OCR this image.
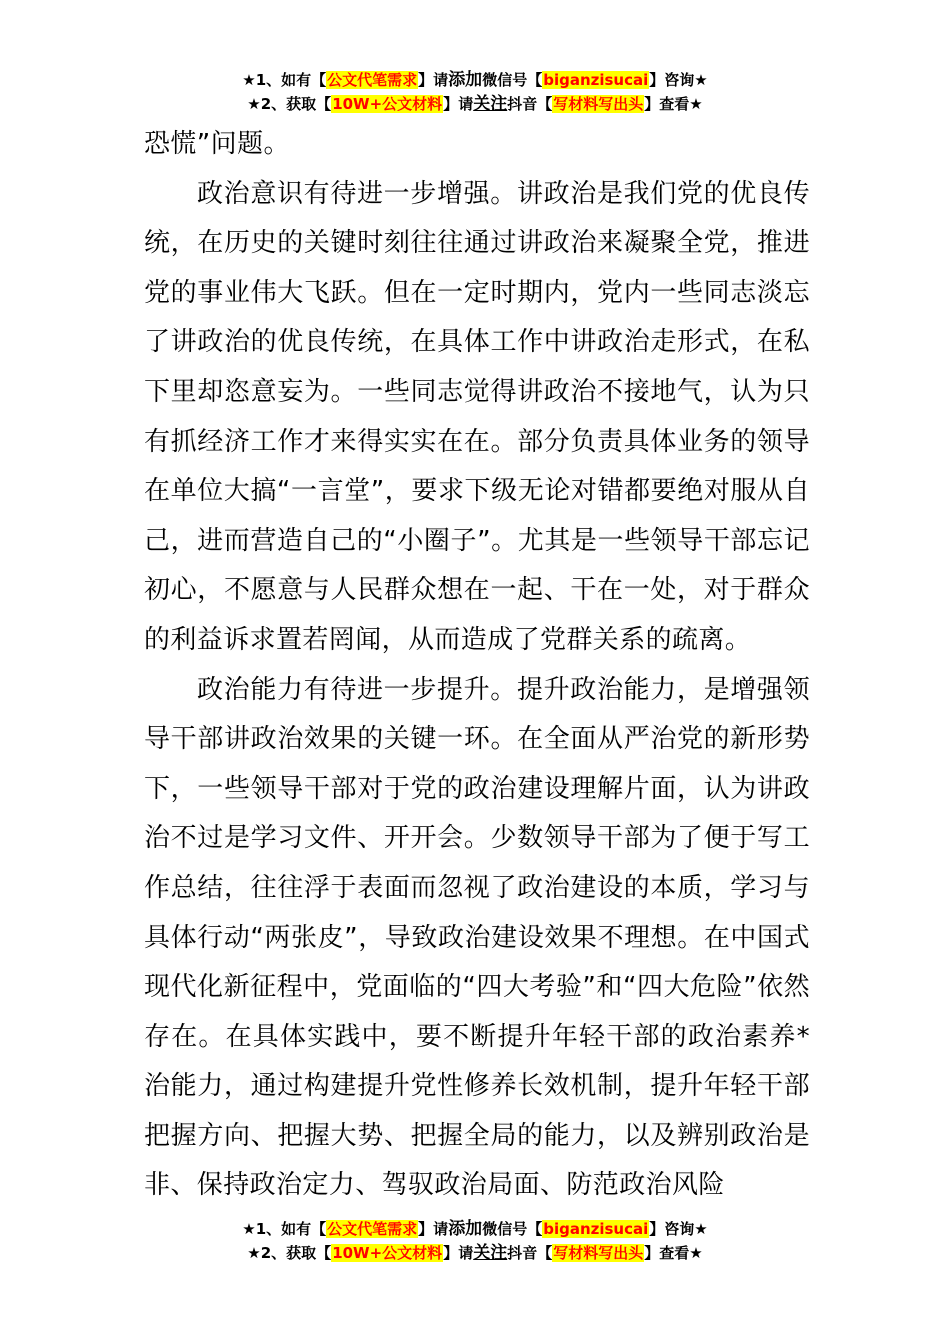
★1、如有【公文代笔需求】请添加微信号【biganzisucai】咨询★
★2、获取【10W+公文材料】请关注抖音【写材料写出头】查看★

恐慌”问题。

政治意识有待进一步增强。讲政治是我们党的优良传统，在历史的关键时刻往往通过讲政治来凝聚全党，推进党的事业伟大飞跃。但在一定时期内，党内一些同志淡忘了讲政治的优良传统，在具体工作中讲政治走形式，在私下里却恣意妄为。一些同志觉得讲政治不接地气，认为只有抓经济工作才来得实实在在。部分负责具体业务的领导在单位大搞“一言堂”，要求下级无论对错都要绝对服从自己，进而营造自己的“小圈子”。尤其是一些领导干部忘记初心，不愿意与人民群众想在一起、干在一处，对于群众的利益诉求置若罔闻，从而造成了党群关系的疏离。

政治能力有待进一步提升。提升政治能力，是增强领导干部讲政治效果的关键一环。在全面从严治党的新形势下，一些领导干部对于党的政治建设理解片面，认为讲政治不过是学习文件、开开会。少数领导干部为了便于写工作总结，往往浮于表面而忽视了政治建设的本质，学习与具体行动“两张皮”，导致政治建设效果不理想。在中国式现代化新征程中，党面临的“四大考验”和“四大危险”依然存在。在具体实践中，要不断提升年轻干部的政治素养*治能力，通过构建提升党性修养长效机制，提升年轻干部把握方向、把握大势、把握全局的能力，以及辨别政治是非、保持政治定力、驾驭政治局面、防范政治风险

★1、如有【公文代笔需求】请添加微信号【biganzisucai】咨询★
★2、获取【10W+公文材料】请关注抖音【写材料写出头】查看★
